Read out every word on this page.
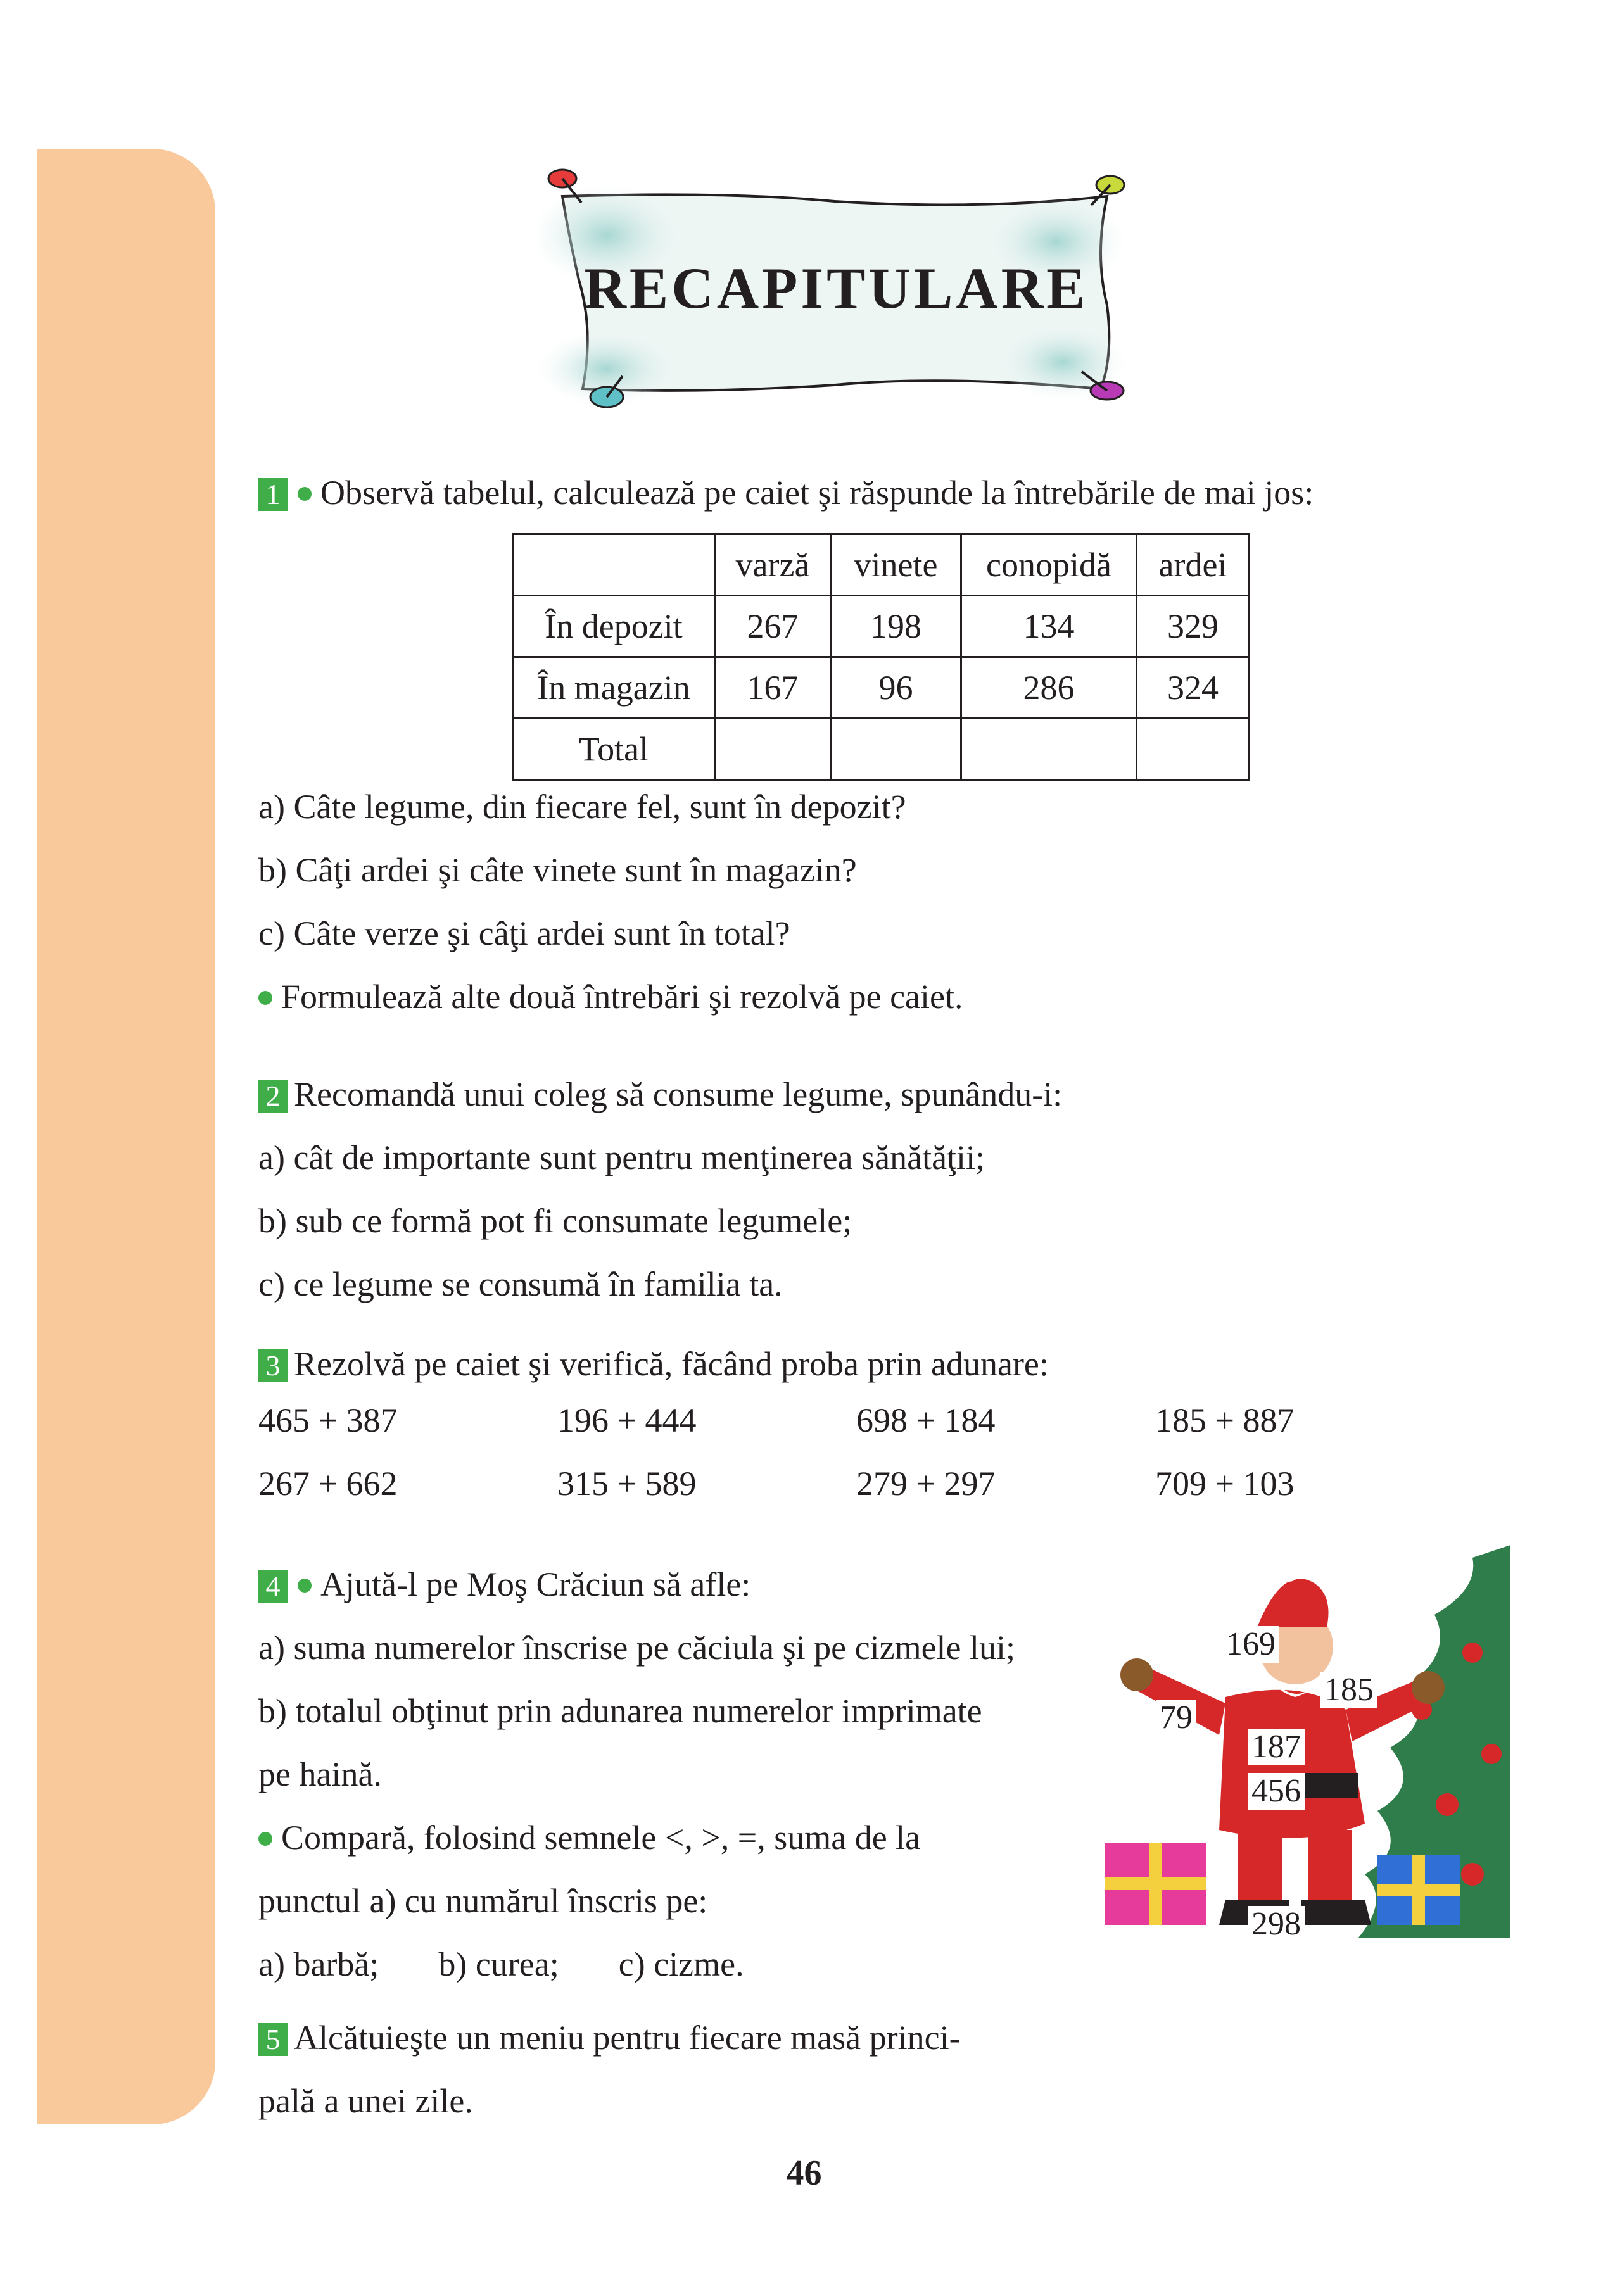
RECAPITULARE
1 Observă tabelul, calculează pe caiet şi răspunde la întrebările de mai jos:
	varză	vinete	conopidă	ardei
În depozit	267	198	134	329
În magazin	167	96	286	324
Total				
a) Câte legume, din fiecare fel, sunt în depozit?
b) Câţi ardei şi câte vinete sunt în magazin?
c) Câte verze şi câţi ardei sunt în total?
Formulează alte două întrebări şi rezolvă pe caiet.
2 Recomandă unui coleg să consume legume, spunându-i:
a) cât de importante sunt pentru menţinerea sănătăţii;
b) sub ce formă pot fi consumate legumele;
c) ce legume se consumă în familia ta.
3 Rezolvă pe caiet şi verifică, făcând proba prin adunare:
465 + 387	196 + 444	698 + 184	185 + 887
267 + 662	315 + 589	279 + 297	709 + 103
4 Ajută-l pe Moş Crăciun să afle:
a) suma numerelor înscrise pe căciula şi pe cizmele lui;
b) totalul obţinut prin adunarea numerelor imprimate
pe haină.
Compară, folosind semnele <, >, =, suma de la
punctul a) cu numărul înscris pe:
a) barbă; b) curea; c) cizme.
5 Alcătuieşte un meniu pentru fiecare masă princi-
pală a unei zile.
169
185
79
187
456
298
46
